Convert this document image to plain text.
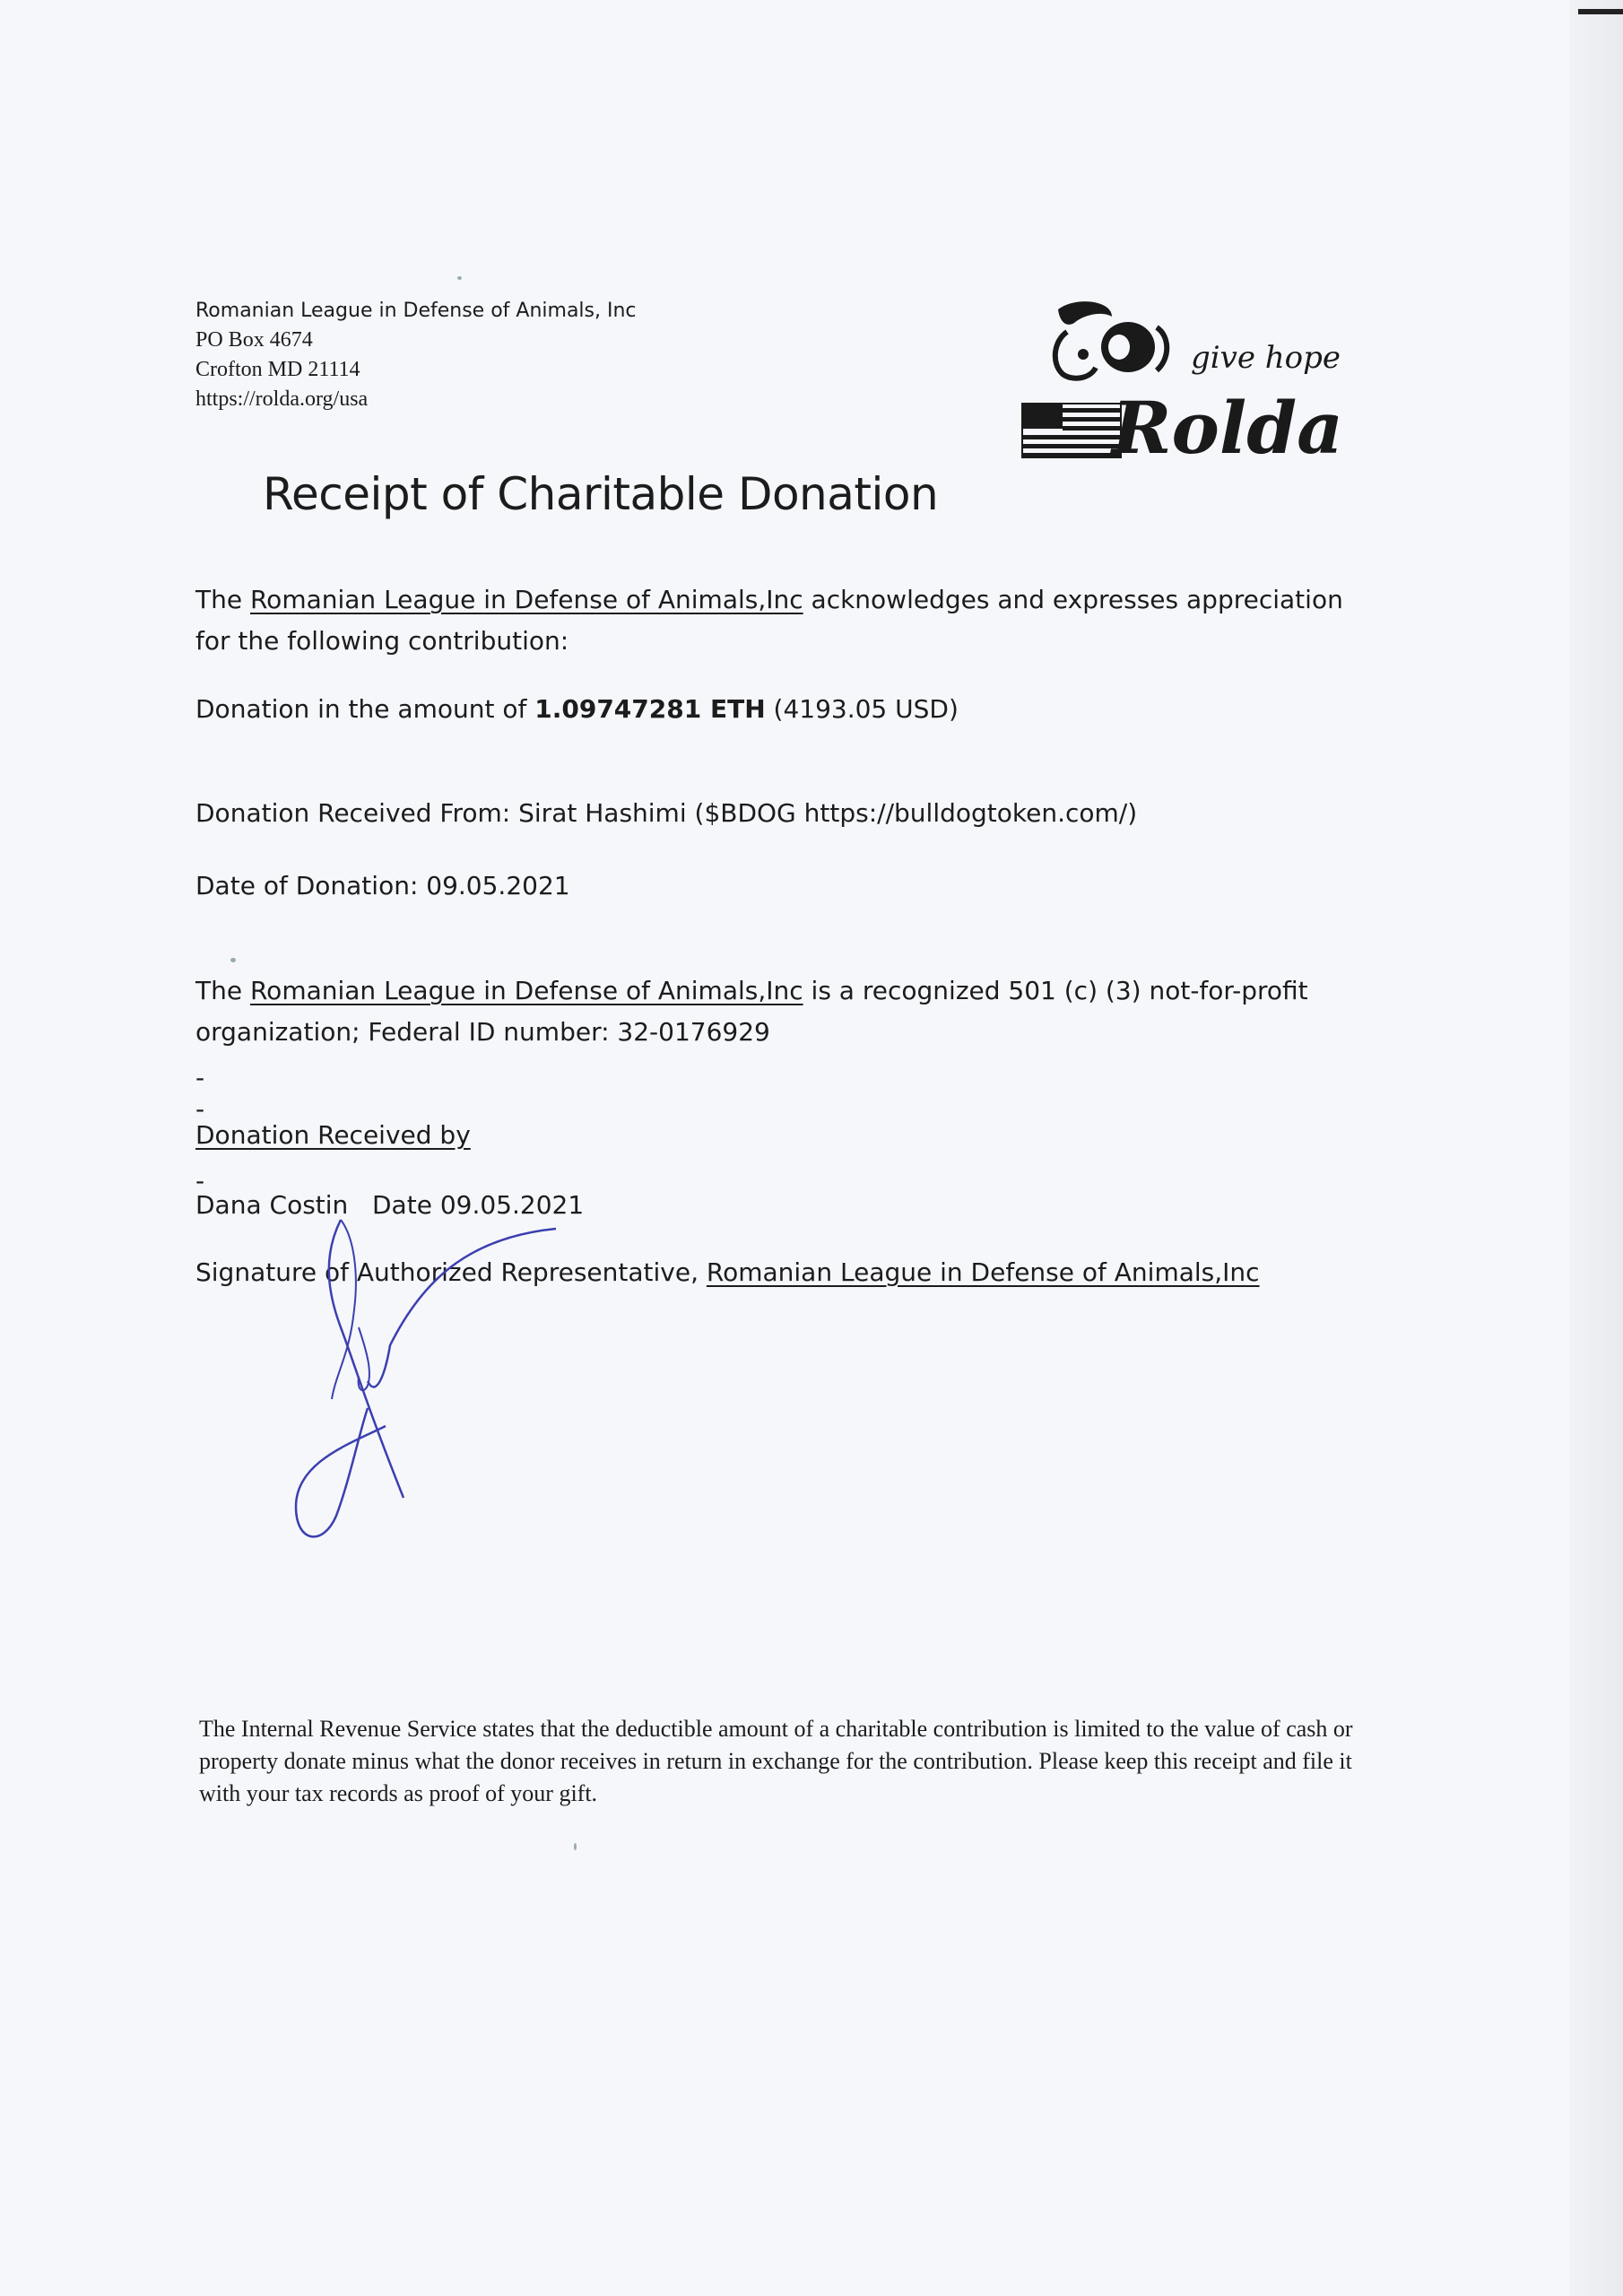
Romanian League in Defense of Animals, Inc
PO Box 4674
Crofton MD 21114
https://rolda.org/usa
give hope
Rolda
Receipt of Charitable Donation
The Romanian League in Defense of Animals,Inc acknowledges and expresses appreciation for the following contribution:
Donation in the amount of 1.09747281 ETH (4193.05 USD)
Donation Received From: Sirat Hashimi ($BDOG https://bulldogtoken.com/)
Date of Donation: 09.05.2021
The Romanian League in Defense of Animals,Inc is a recognized 501 (c) (3) not-for-profit organization; Federal ID number: 32-0176929
-
-
Donation Received by
-
Dana Costin Date 09.05.2021
Signature of Authorized Representative, Romanian League in Defense of Animals,Inc
The Internal Revenue Service states that the deductible amount of a charitable contribution is limited to the value of cash or property donate minus what the donor receives in return in exchange for the contribution. Please keep this receipt and file it with your tax records as proof of your gift.
